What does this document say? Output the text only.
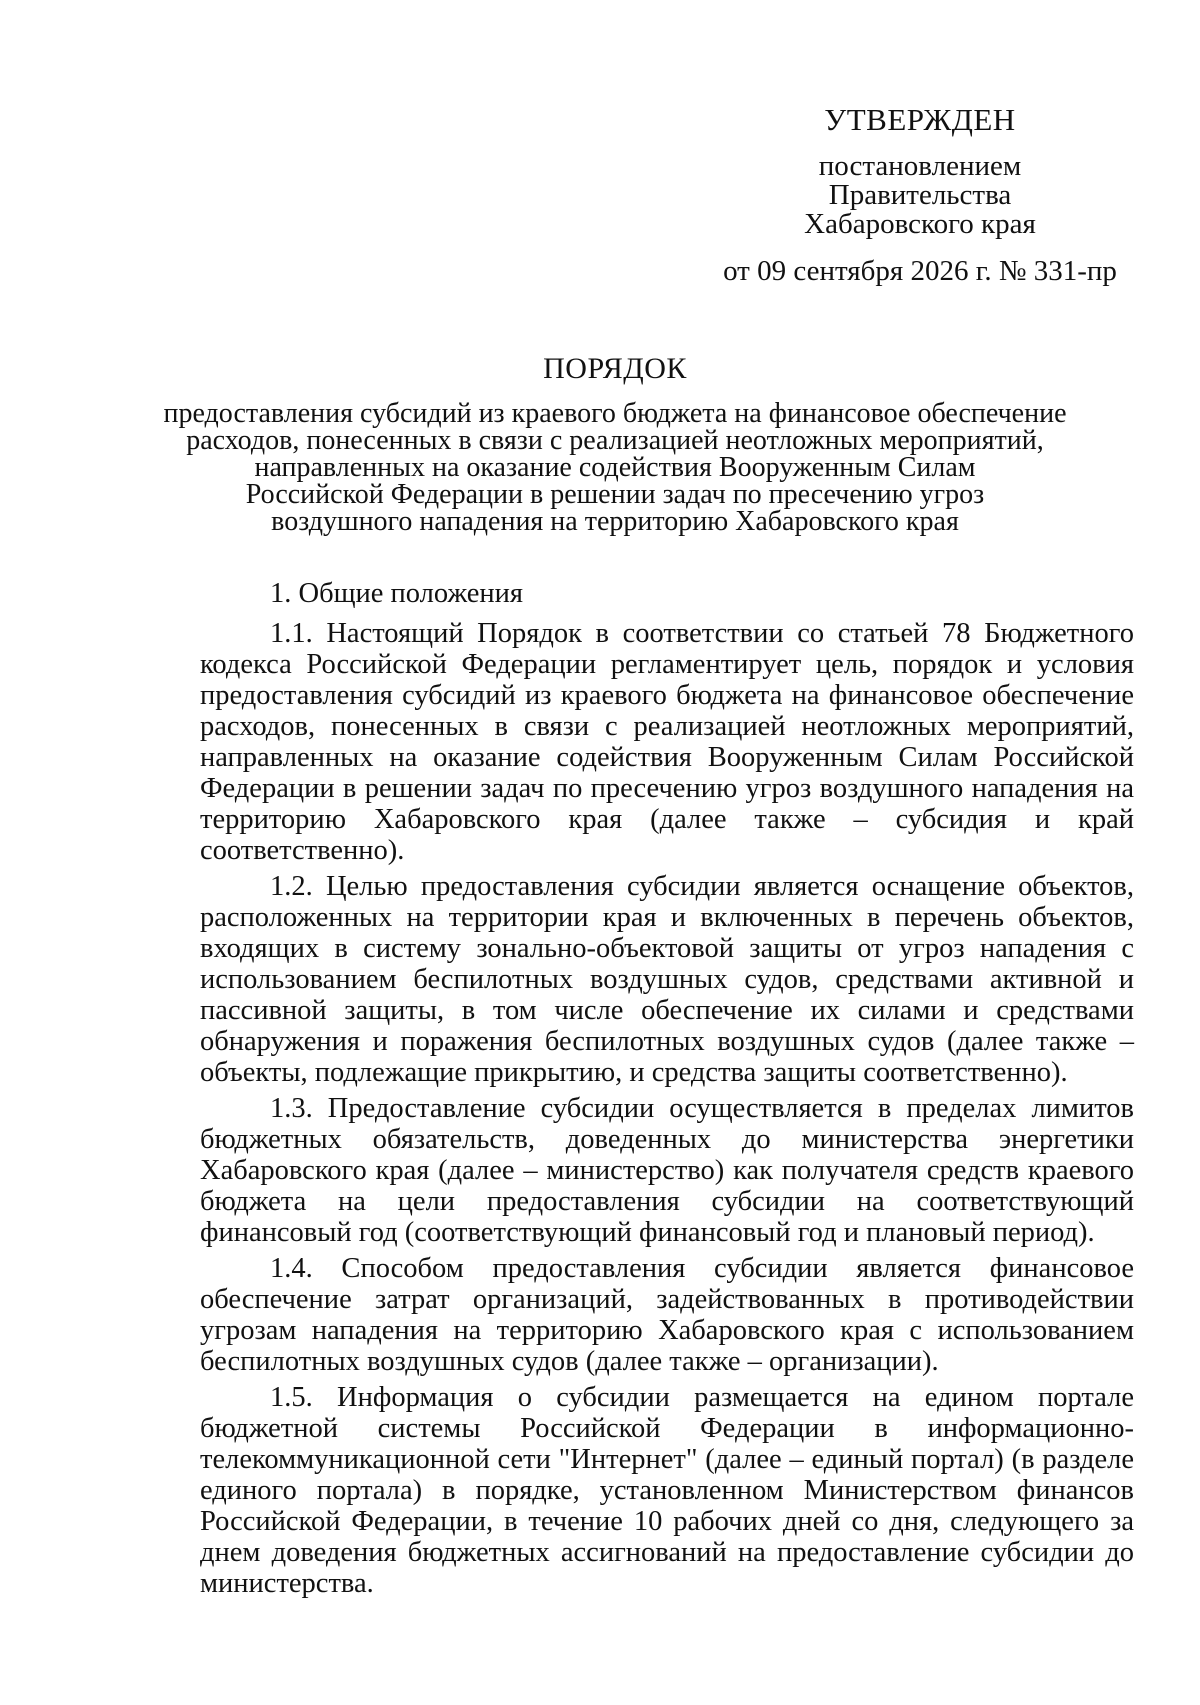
УТВЕРЖДЕН
постановлением
Правительства
Хабаровского края
от 09 сентября 2026 г. № 331-пр
ПОРЯДОК
предоставления субсидий из краевого бюджета на финансовое обеспечение
расходов, понесенных в связи с реализацией неотложных мероприятий,
направленных на оказание содействия Вооруженным Силам
Российской Федерации в решении задач по пресечению угроз
воздушного нападения на территорию Хабаровского края

1. Общие положения

1.1. Настоящий Порядок в соответствии со статьей 78 Бюджетного кодекса Российской Федерации регламентирует цель, порядок и условия предоставления субсидий из краевого бюджета на финансовое обеспечение расходов, понесенных в связи с реализацией неотложных мероприятий, направленных на оказание содействия Вооруженным Силам Российской Федерации в решении задач по пресечению угроз воздушного нападения на территорию Хабаровского края (далее также – субсидия и край соответственно).

1.2. Целью предоставления субсидии является оснащение объектов, расположенных на территории края и включенных в перечень объектов, входящих в систему зонально-объектовой защиты от угроз нападения с использованием беспилотных воздушных судов, средствами активной и пассивной защиты, в том числе обеспечение их силами и средствами обнаружения и поражения беспилотных воздушных судов (далее также – объекты, подлежащие прикрытию, и средства защиты соответственно).

1.3. Предоставление субсидии осуществляется в пределах лимитов бюджетных обязательств, доведенных до министерства энергетики Хабаровского края (далее – министерство) как получателя средств краевого бюджета на цели предоставления субсидии на соответствующий финансовый год (соответствующий финансовый год и плановый период).

1.4. Способом предоставления субсидии является финансовое обеспечение затрат организаций, задействованных в противодействии угрозам нападения на территорию Хабаровского края с использованием беспилотных воздушных судов (далее также – организации).

1.5. Информация о субсидии размещается на едином портале бюджетной системы Российской Федерации в информационно-телекоммуникационной сети "Интернет" (далее – единый портал) (в разделе единого портала) в порядке, установленном Министерством финансов Российской Федерации, в течение 10 рабочих дней со дня, следующего за днем доведения бюджетных ассигнований на предоставление субсидии до министерства.
